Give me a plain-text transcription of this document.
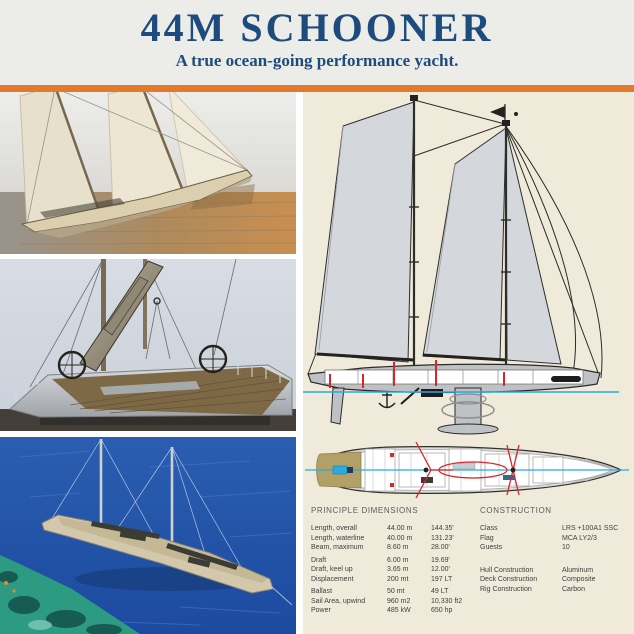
44M SCHOONER

A true ocean-going performance yacht.

PRINCIPLE DIMENSIONS
Length, overall	44.00 m	144.35'
Length, waterline	40.00 m	131.23'
Beam, maximum	8.60 m	28.00'
Draft	6.00 m	19.69'
Draft, keel up	3.65 m	12.00'
Displacement	200 mt	197 LT
Ballast	50 mt	49 LT
Sail Area, upwind	960 m2	10,330 ft2
Power	485 kW	650 hp
CONSTRUCTION
Class	LRS +100A1 SSC
Flag	MCA LY2/3
Guests	10
Hull Construction	Aluminum
Deck Construction	Composite
Rig Construction	Carbon
